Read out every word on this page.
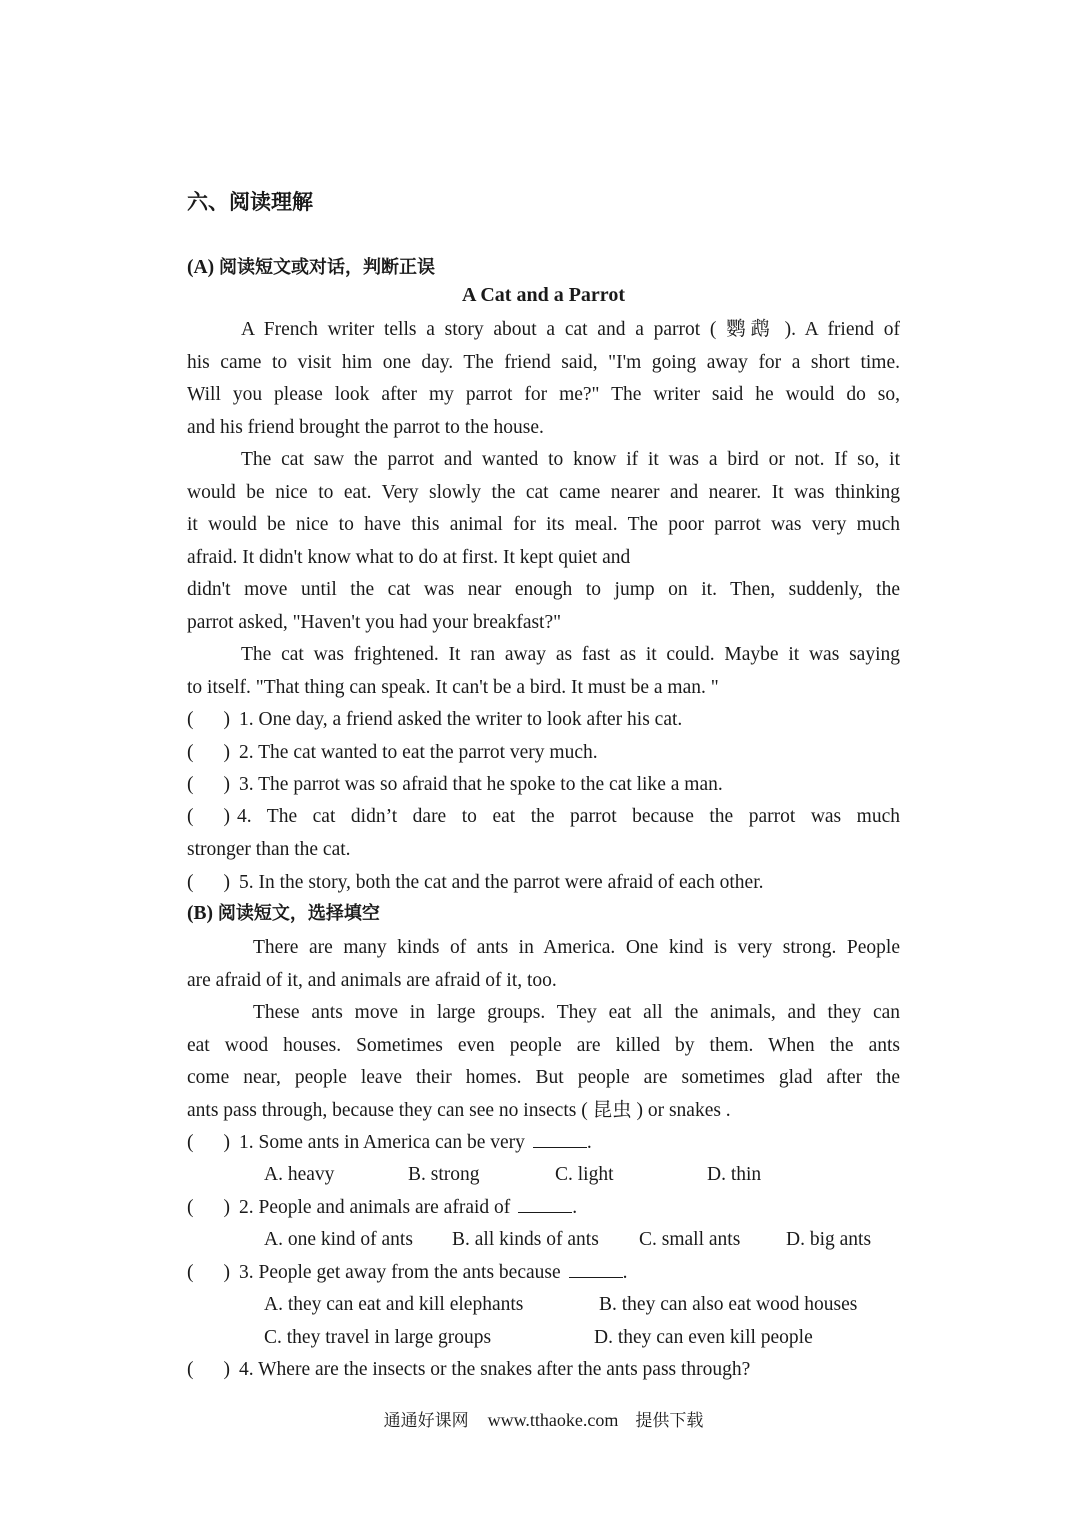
六、阅读理解
(A) 阅读短文或对话，判断正误
A Cat and a Parrot
A French writer tells a story about a cat and a parrot ( 鹦鹉 ). A friend of
his came to visit him one day. The friend said, "I'm going away for a short time.
Will you please look after my parrot for me?" The writer said he would do so,
and his friend brought the parrot to the house.
The cat saw the parrot and wanted to know if it was a bird or not. If so, it
would be nice to eat. Very slowly the cat came nearer and nearer. It was thinking
it would be nice to have this animal for its meal. The poor parrot was very much
afraid. It didn't know what to do at first. It kept quiet and
didn't move until the cat was near enough to jump on it. Then, suddenly, the
parrot asked, "Haven't you had your breakfast?"
The cat was frightened. It ran away as fast as it could. Maybe it was saying
to itself. "That thing can speak. It can't be a bird. It must be a man. "
( ) 1. One day, a friend asked the writer to look after his cat.
( ) 2. The cat wanted to eat the parrot very much.
( ) 3. The parrot was so afraid that he spoke to the cat like a man.
( ) 4. The cat didn’t dare to eat the parrot because the parrot was much
stronger than the cat.
( ) 5. In the story, both the cat and the parrot were afraid of each other.
(B) 阅读短文，选择填空
There are many kinds of ants in America. One kind is very strong. People
are afraid of it, and animals are afraid of it, too.
These ants move in large groups. They eat all the animals, and they can
eat wood houses. Sometimes even people are killed by them. When the ants
come near, people leave their homes. But people are sometimes glad after the
ants pass through, because they can see no insects ( 昆虫 ) or snakes .
( ) 1. Some ants in America can be very	.
A. heavy	B. strong	C. light	D. thin
( ) 2. People and animals are afraid of	.
A. one kind of ants B. all kinds of ants C. small ants D. big ants
( ) 3. People get away from the ants because	.
A. they can eat and kill elephants	B. they can also eat wood houses
C. they travel in large groups	D. they can even kill people
( ) 4. Where are the insects or the snakes after the ants pass through?
通通好课网 www.tthaoke.com 提供下载
